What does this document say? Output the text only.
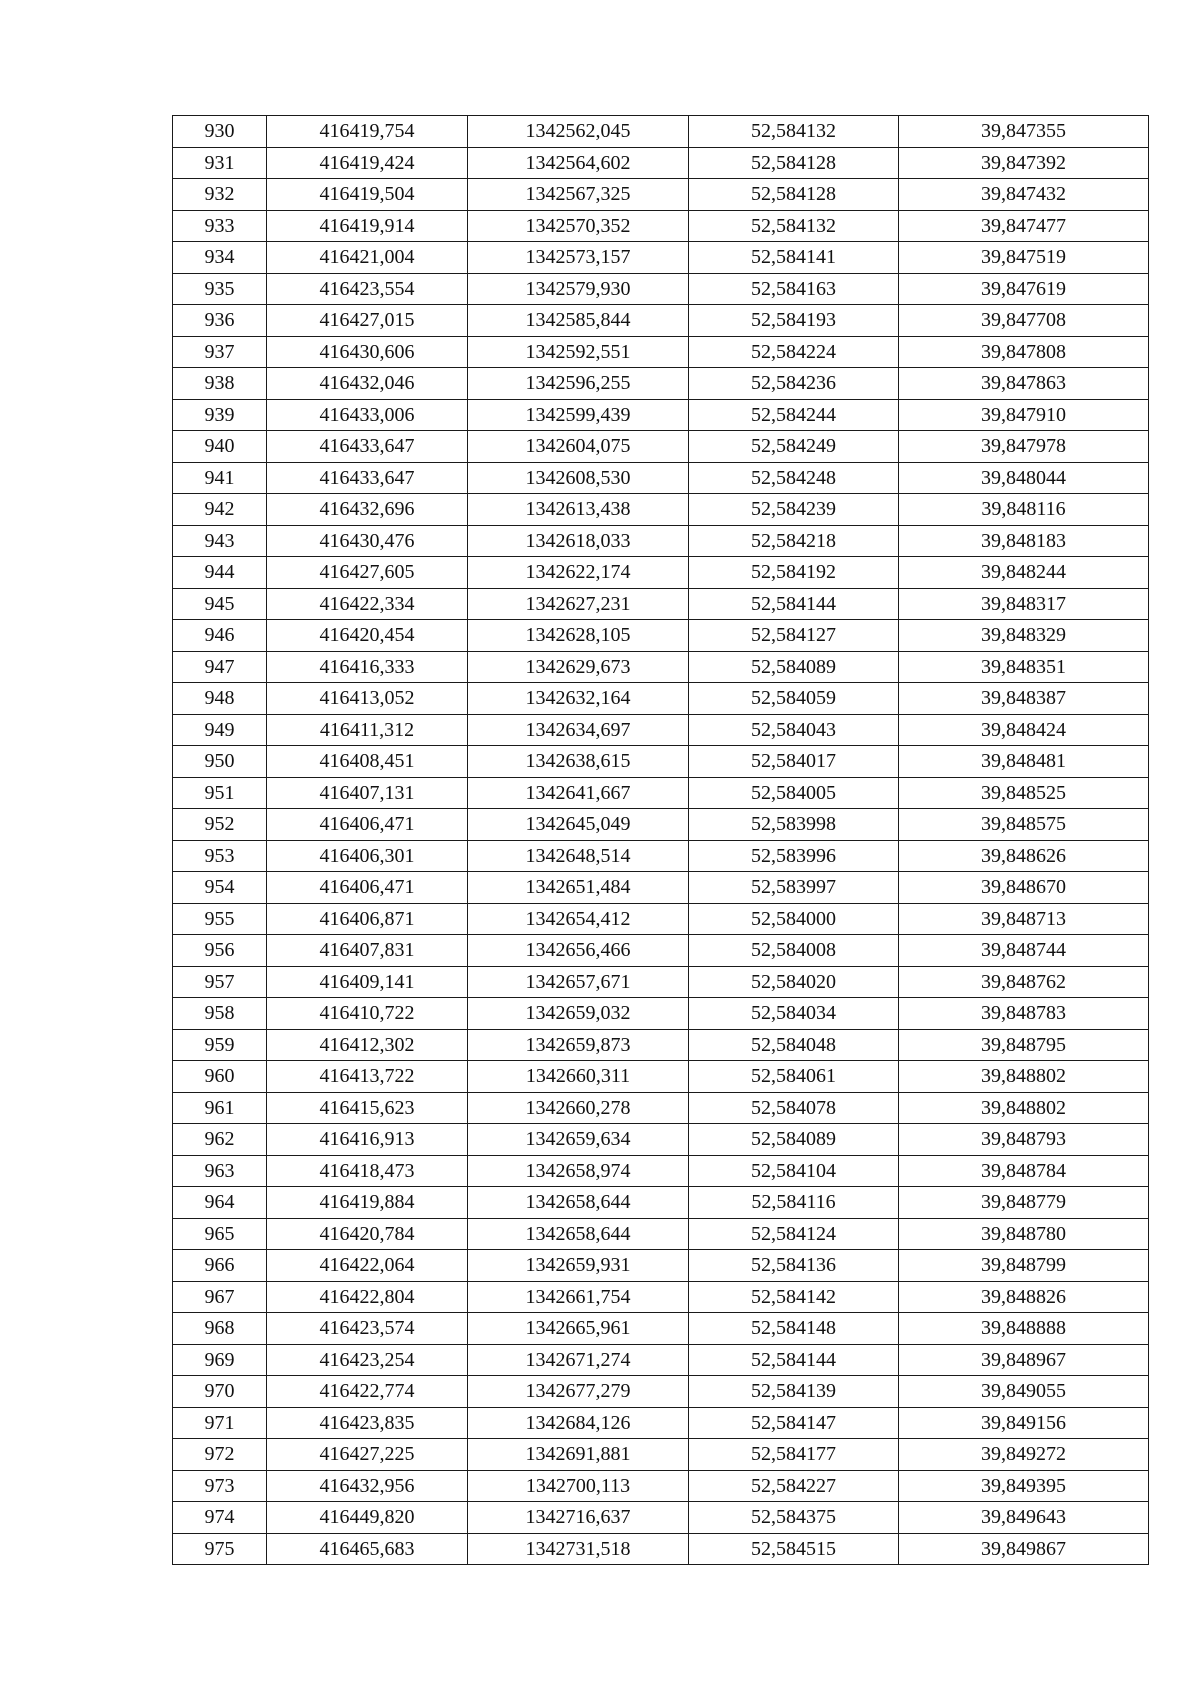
930	416419,754	1342562,045	52,584132	39,847355
931	416419,424	1342564,602	52,584128	39,847392
932	416419,504	1342567,325	52,584128	39,847432
933	416419,914	1342570,352	52,584132	39,847477
934	416421,004	1342573,157	52,584141	39,847519
935	416423,554	1342579,930	52,584163	39,847619
936	416427,015	1342585,844	52,584193	39,847708
937	416430,606	1342592,551	52,584224	39,847808
938	416432,046	1342596,255	52,584236	39,847863
939	416433,006	1342599,439	52,584244	39,847910
940	416433,647	1342604,075	52,584249	39,847978
941	416433,647	1342608,530	52,584248	39,848044
942	416432,696	1342613,438	52,584239	39,848116
943	416430,476	1342618,033	52,584218	39,848183
944	416427,605	1342622,174	52,584192	39,848244
945	416422,334	1342627,231	52,584144	39,848317
946	416420,454	1342628,105	52,584127	39,848329
947	416416,333	1342629,673	52,584089	39,848351
948	416413,052	1342632,164	52,584059	39,848387
949	416411,312	1342634,697	52,584043	39,848424
950	416408,451	1342638,615	52,584017	39,848481
951	416407,131	1342641,667	52,584005	39,848525
952	416406,471	1342645,049	52,583998	39,848575
953	416406,301	1342648,514	52,583996	39,848626
954	416406,471	1342651,484	52,583997	39,848670
955	416406,871	1342654,412	52,584000	39,848713
956	416407,831	1342656,466	52,584008	39,848744
957	416409,141	1342657,671	52,584020	39,848762
958	416410,722	1342659,032	52,584034	39,848783
959	416412,302	1342659,873	52,584048	39,848795
960	416413,722	1342660,311	52,584061	39,848802
961	416415,623	1342660,278	52,584078	39,848802
962	416416,913	1342659,634	52,584089	39,848793
963	416418,473	1342658,974	52,584104	39,848784
964	416419,884	1342658,644	52,584116	39,848779
965	416420,784	1342658,644	52,584124	39,848780
966	416422,064	1342659,931	52,584136	39,848799
967	416422,804	1342661,754	52,584142	39,848826
968	416423,574	1342665,961	52,584148	39,848888
969	416423,254	1342671,274	52,584144	39,848967
970	416422,774	1342677,279	52,584139	39,849055
971	416423,835	1342684,126	52,584147	39,849156
972	416427,225	1342691,881	52,584177	39,849272
973	416432,956	1342700,113	52,584227	39,849395
974	416449,820	1342716,637	52,584375	39,849643
975	416465,683	1342731,518	52,584515	39,849867
